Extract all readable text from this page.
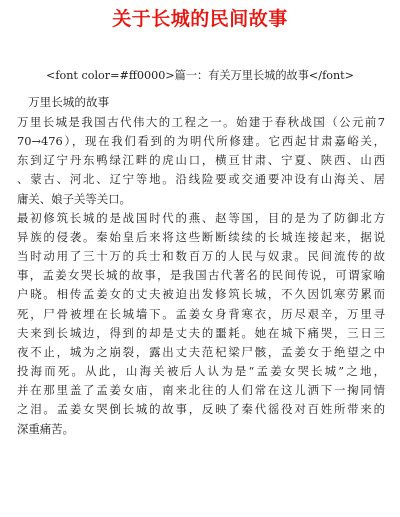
关于长城的民间故事
<font color=#ff0000>篇一：有关万里长城的故事</font>
万里长城的故事
万里长城是我国古代伟大的工程之一。始建于春秋战国（公元前7
70→476），现在我们看到的为明代所修建。它西起甘肃嘉峪关，
东到辽宁丹东鸭绿江畔的虎山口，横亘甘肃、宁夏、陕西、山西
、蒙古、河北、辽宁等地。沿线险要或交通要冲设有山海关、居
庸关、娘子关等关口。
最初修筑长城的是战国时代的燕、赵等国，目的是为了防御北方
异族的侵袭。秦始皇后来将这些断断续续的长城连接起来，据说
当时动用了三十万的兵士和数百万的人民与奴隶。民间流传的故
事，孟姜女哭长城的故事，是我国古代著名的民间传说，可谓家喻
户晓。相传孟姜女的丈夫被迫出发修筑长城，不久因饥寒劳累而
死，尸骨被埋在长城墙下。孟姜女身背寒衣，历尽艰辛，万里寻
夫来到长城边，得到的却是丈夫的噩耗。她在城下痛哭，三日三
夜不止，城为之崩裂，露出丈夫范杞梁尸骸，孟姜女于绝望之中
投海而死。从此，山海关被后人认为是“孟姜女哭长城”之地，
并在那里盖了孟姜女庙，南来北往的人们常在这儿洒下一掬同情
之泪。孟姜女哭倒长城的故事，反映了秦代徭役对百姓所带来的
深重痛苦。
